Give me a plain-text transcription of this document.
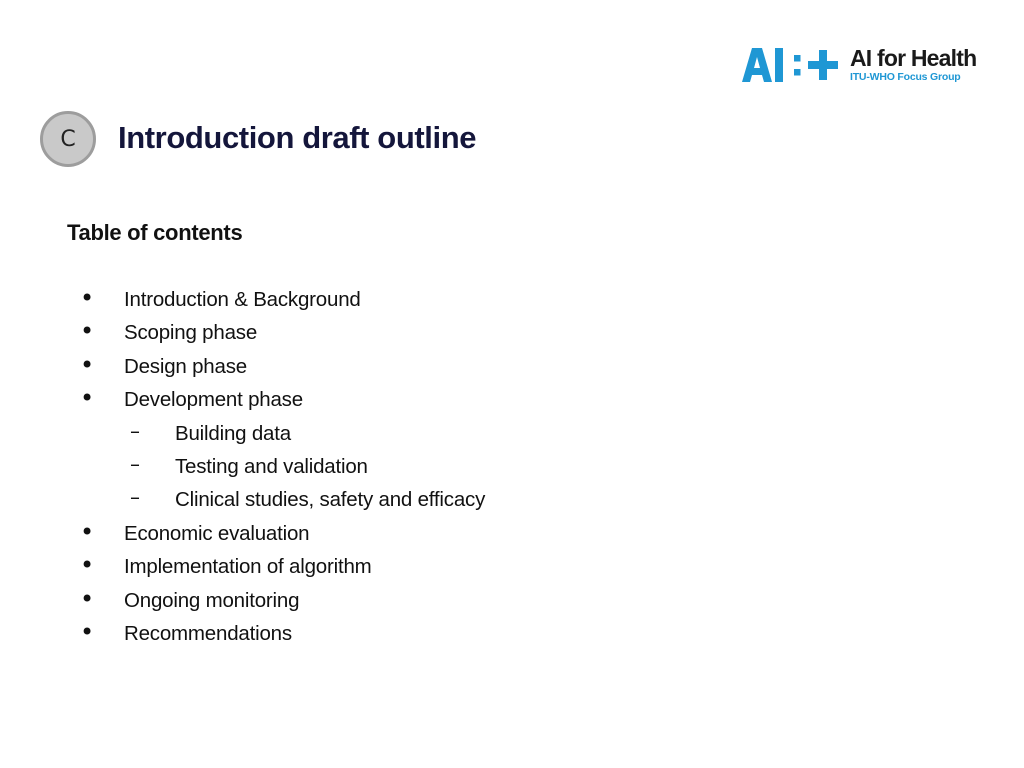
AI for Health
ITU-WHO Focus Group
C	Introduction draft outline
Table of contents
• Introduction & Background
• Scoping phase
• Design phase
• Development phase
– Building data
– Testing and validation
– Clinical studies, safety and efficacy
• Economic evaluation
• Implementation of algorithm
• Ongoing monitoring
• Recommendations
